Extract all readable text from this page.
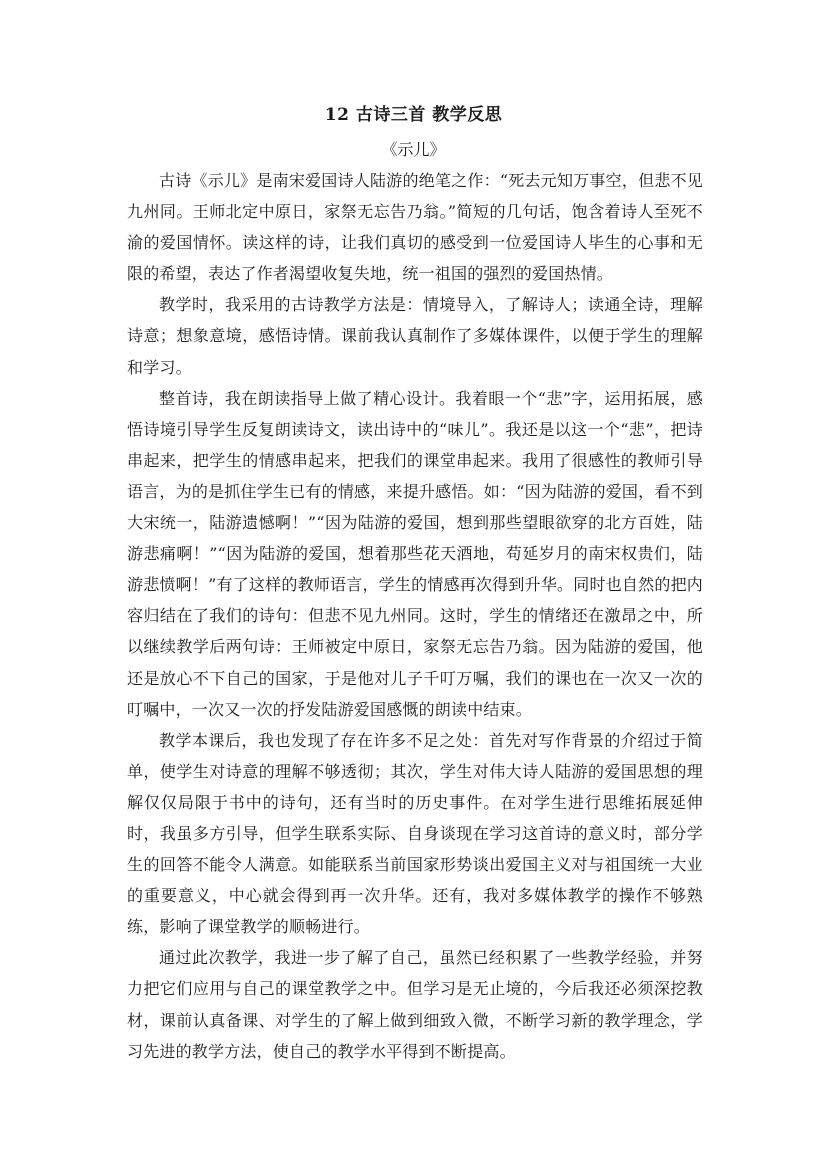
12 古诗三首 教学反思
《示儿》

古诗《示儿》是南宋爱国诗人陆游的绝笔之作：“死去元知万事空，但悲不见九州同。王师北定中原日，家祭无忘告乃翁。”简短的几句话，饱含着诗人至死不渝的爱国情怀。读这样的诗，让我们真切的感受到一位爱国诗人毕生的心事和无限的希望，表达了作者渴望收复失地，统一祖国的强烈的爱国热情。

教学时，我采用的古诗教学方法是：情境导入，了解诗人；读通全诗，理解诗意；想象意境，感悟诗情。课前我认真制作了多媒体课件，以便于学生的理解和学习。

整首诗，我在朗读指导上做了精心设计。我着眼一个“悲”字，运用拓展，感悟诗境引导学生反复朗读诗文，读出诗中的“味儿”。我还是以这一个“悲”，把诗串起来，把学生的情感串起来，把我们的课堂串起来。我用了很感性的教师引导语言，为的是抓住学生已有的情感，来提升感悟。如：“因为陆游的爱国，看不到大宋统一，陆游遗憾啊！”“因为陆游的爱国，想到那些望眼欲穿的北方百姓，陆游悲痛啊！”“因为陆游的爱国，想着那些花天酒地，苟延岁月的南宋权贵们，陆游悲愤啊！”有了这样的教师语言，学生的情感再次得到升华。同时也自然的把内容归结在了我们的诗句：但悲不见九州同。这时，学生的情绪还在激昂之中，所以继续教学后两句诗：王师被定中原日，家祭无忘告乃翁。因为陆游的爱国，他还是放心不下自己的国家，于是他对儿子千叮万嘱，我们的课也在一次又一次的叮嘱中，一次又一次的抒发陆游爱国感慨的朗读中结束。

教学本课后，我也发现了存在许多不足之处：首先对写作背景的介绍过于简单，使学生对诗意的理解不够透彻；其次，学生对伟大诗人陆游的爱国思想的理解仅仅局限于书中的诗句，还有当时的历史事件。在对学生进行思维拓展延伸时，我虽多方引导，但学生联系实际、自身谈现在学习这首诗的意义时，部分学生的回答不能令人满意。如能联系当前国家形势谈出爱国主义对与祖国统一大业的重要意义，中心就会得到再一次升华。还有，我对多媒体教学的操作不够熟练，影响了课堂教学的顺畅进行。

通过此次教学，我进一步了解了自己，虽然已经积累了一些教学经验，并努力把它们应用与自己的课堂教学之中。但学习是无止境的，今后我还必须深挖教材，课前认真备课、对学生的了解上做到细致入微，不断学习新的教学理念，学习先进的教学方法，使自己的教学水平得到不断提高。
